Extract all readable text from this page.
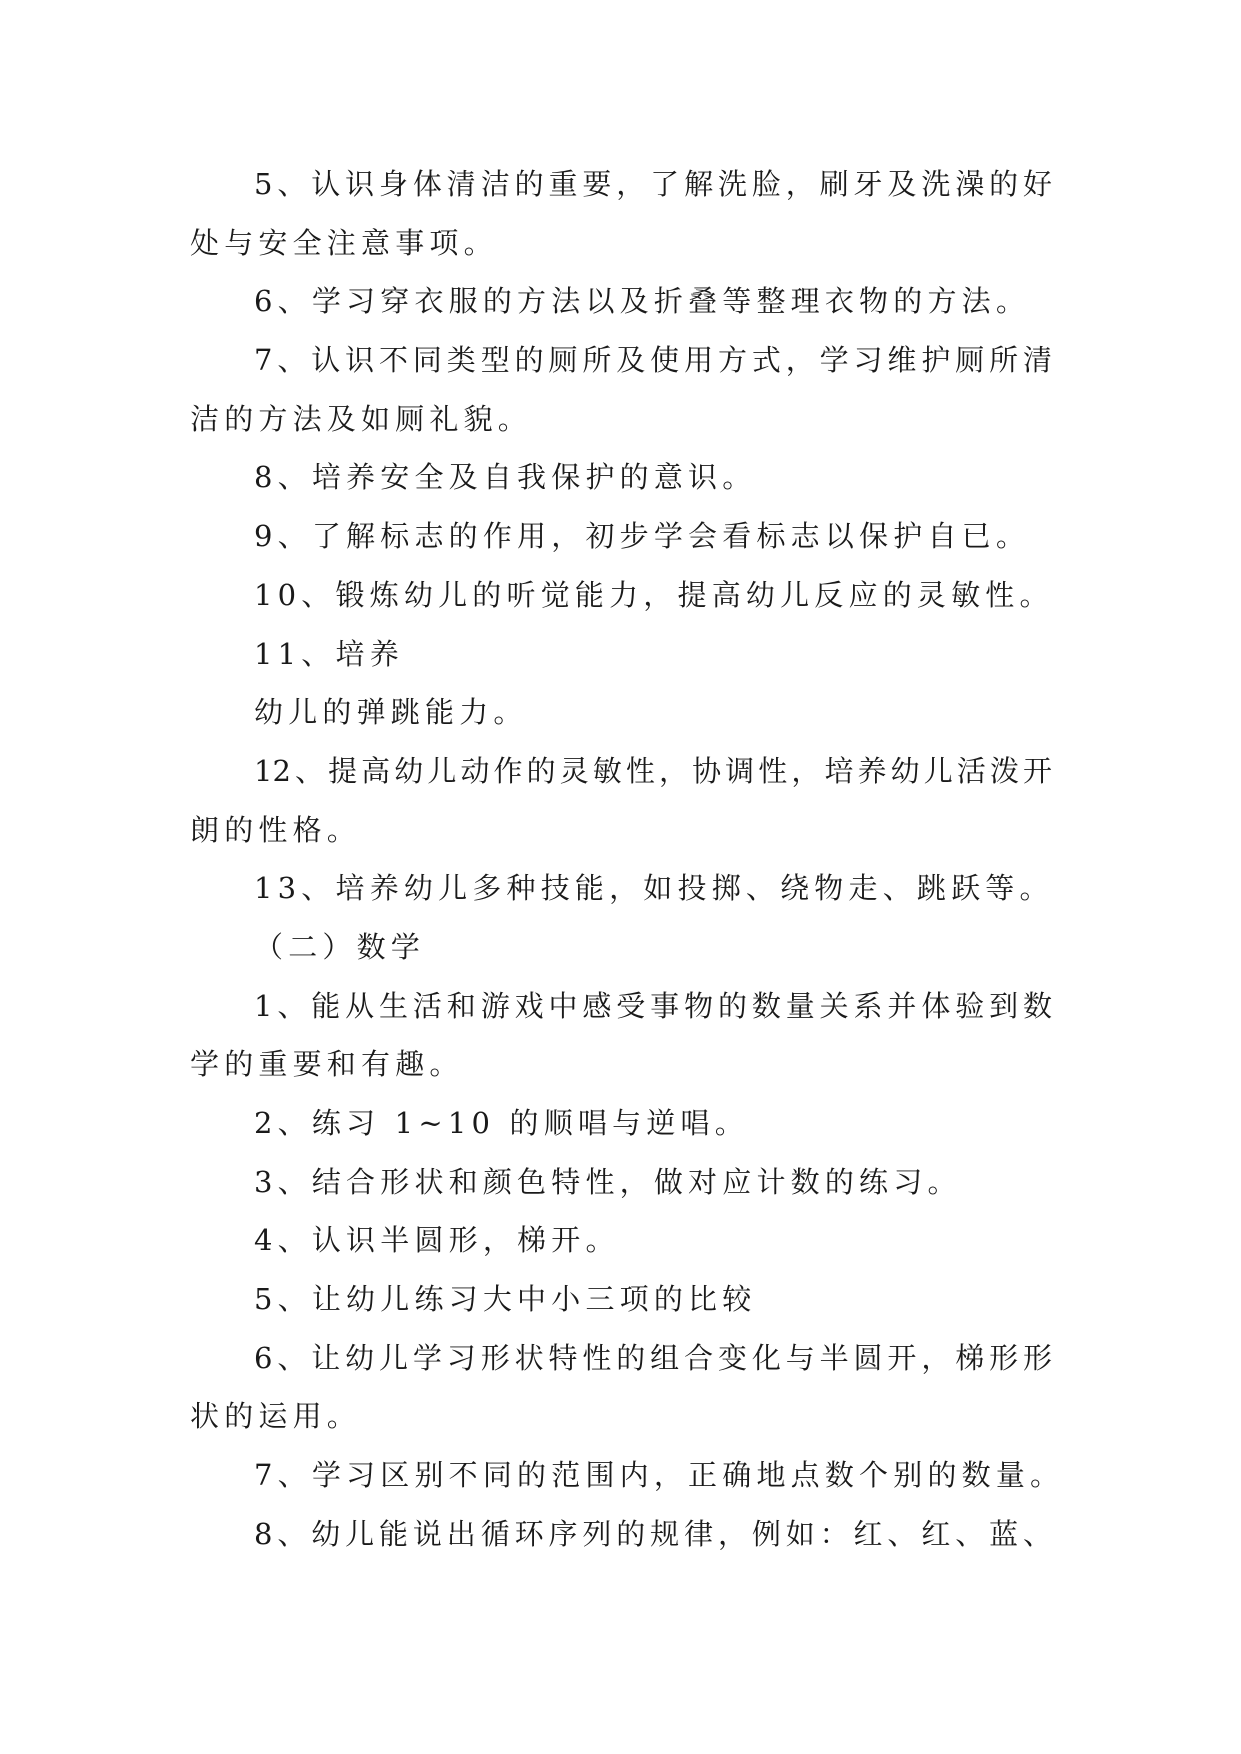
5、认识身体清洁的重要，了解洗脸，刷牙及洗澡的好
处与安全注意事项。
6、学习穿衣服的方法以及折叠等整理衣物的方法。
7、认识不同类型的厕所及使用方式，学习维护厕所清
洁的方法及如厕礼貌。
8、培养安全及自我保护的意识。
9、了解标志的作用，初步学会看标志以保护自已。
10、锻炼幼儿的听觉能力，提高幼儿反应的灵敏性。
11、培养
幼儿的弹跳能力。
12、提高幼儿动作的灵敏性，协调性，培养幼儿活泼开
朗的性格。
13、培养幼儿多种技能，如投掷、绕物走、跳跃等。
（二）数学
1、能从生活和游戏中感受事物的数量关系并体验到数
学的重要和有趣。
2、练习 1~10 的顺唱与逆唱。
3、结合形状和颜色特性，做对应计数的练习。
4、认识半圆形，梯开。
5、让幼儿练习大中小三项的比较
6、让幼儿学习形状特性的组合变化与半圆开，梯形形
状的运用。
7、学习区别不同的范围内，正确地点数个别的数量。
8、幼儿能说出循环序列的规律，例如：红、红、蓝、
